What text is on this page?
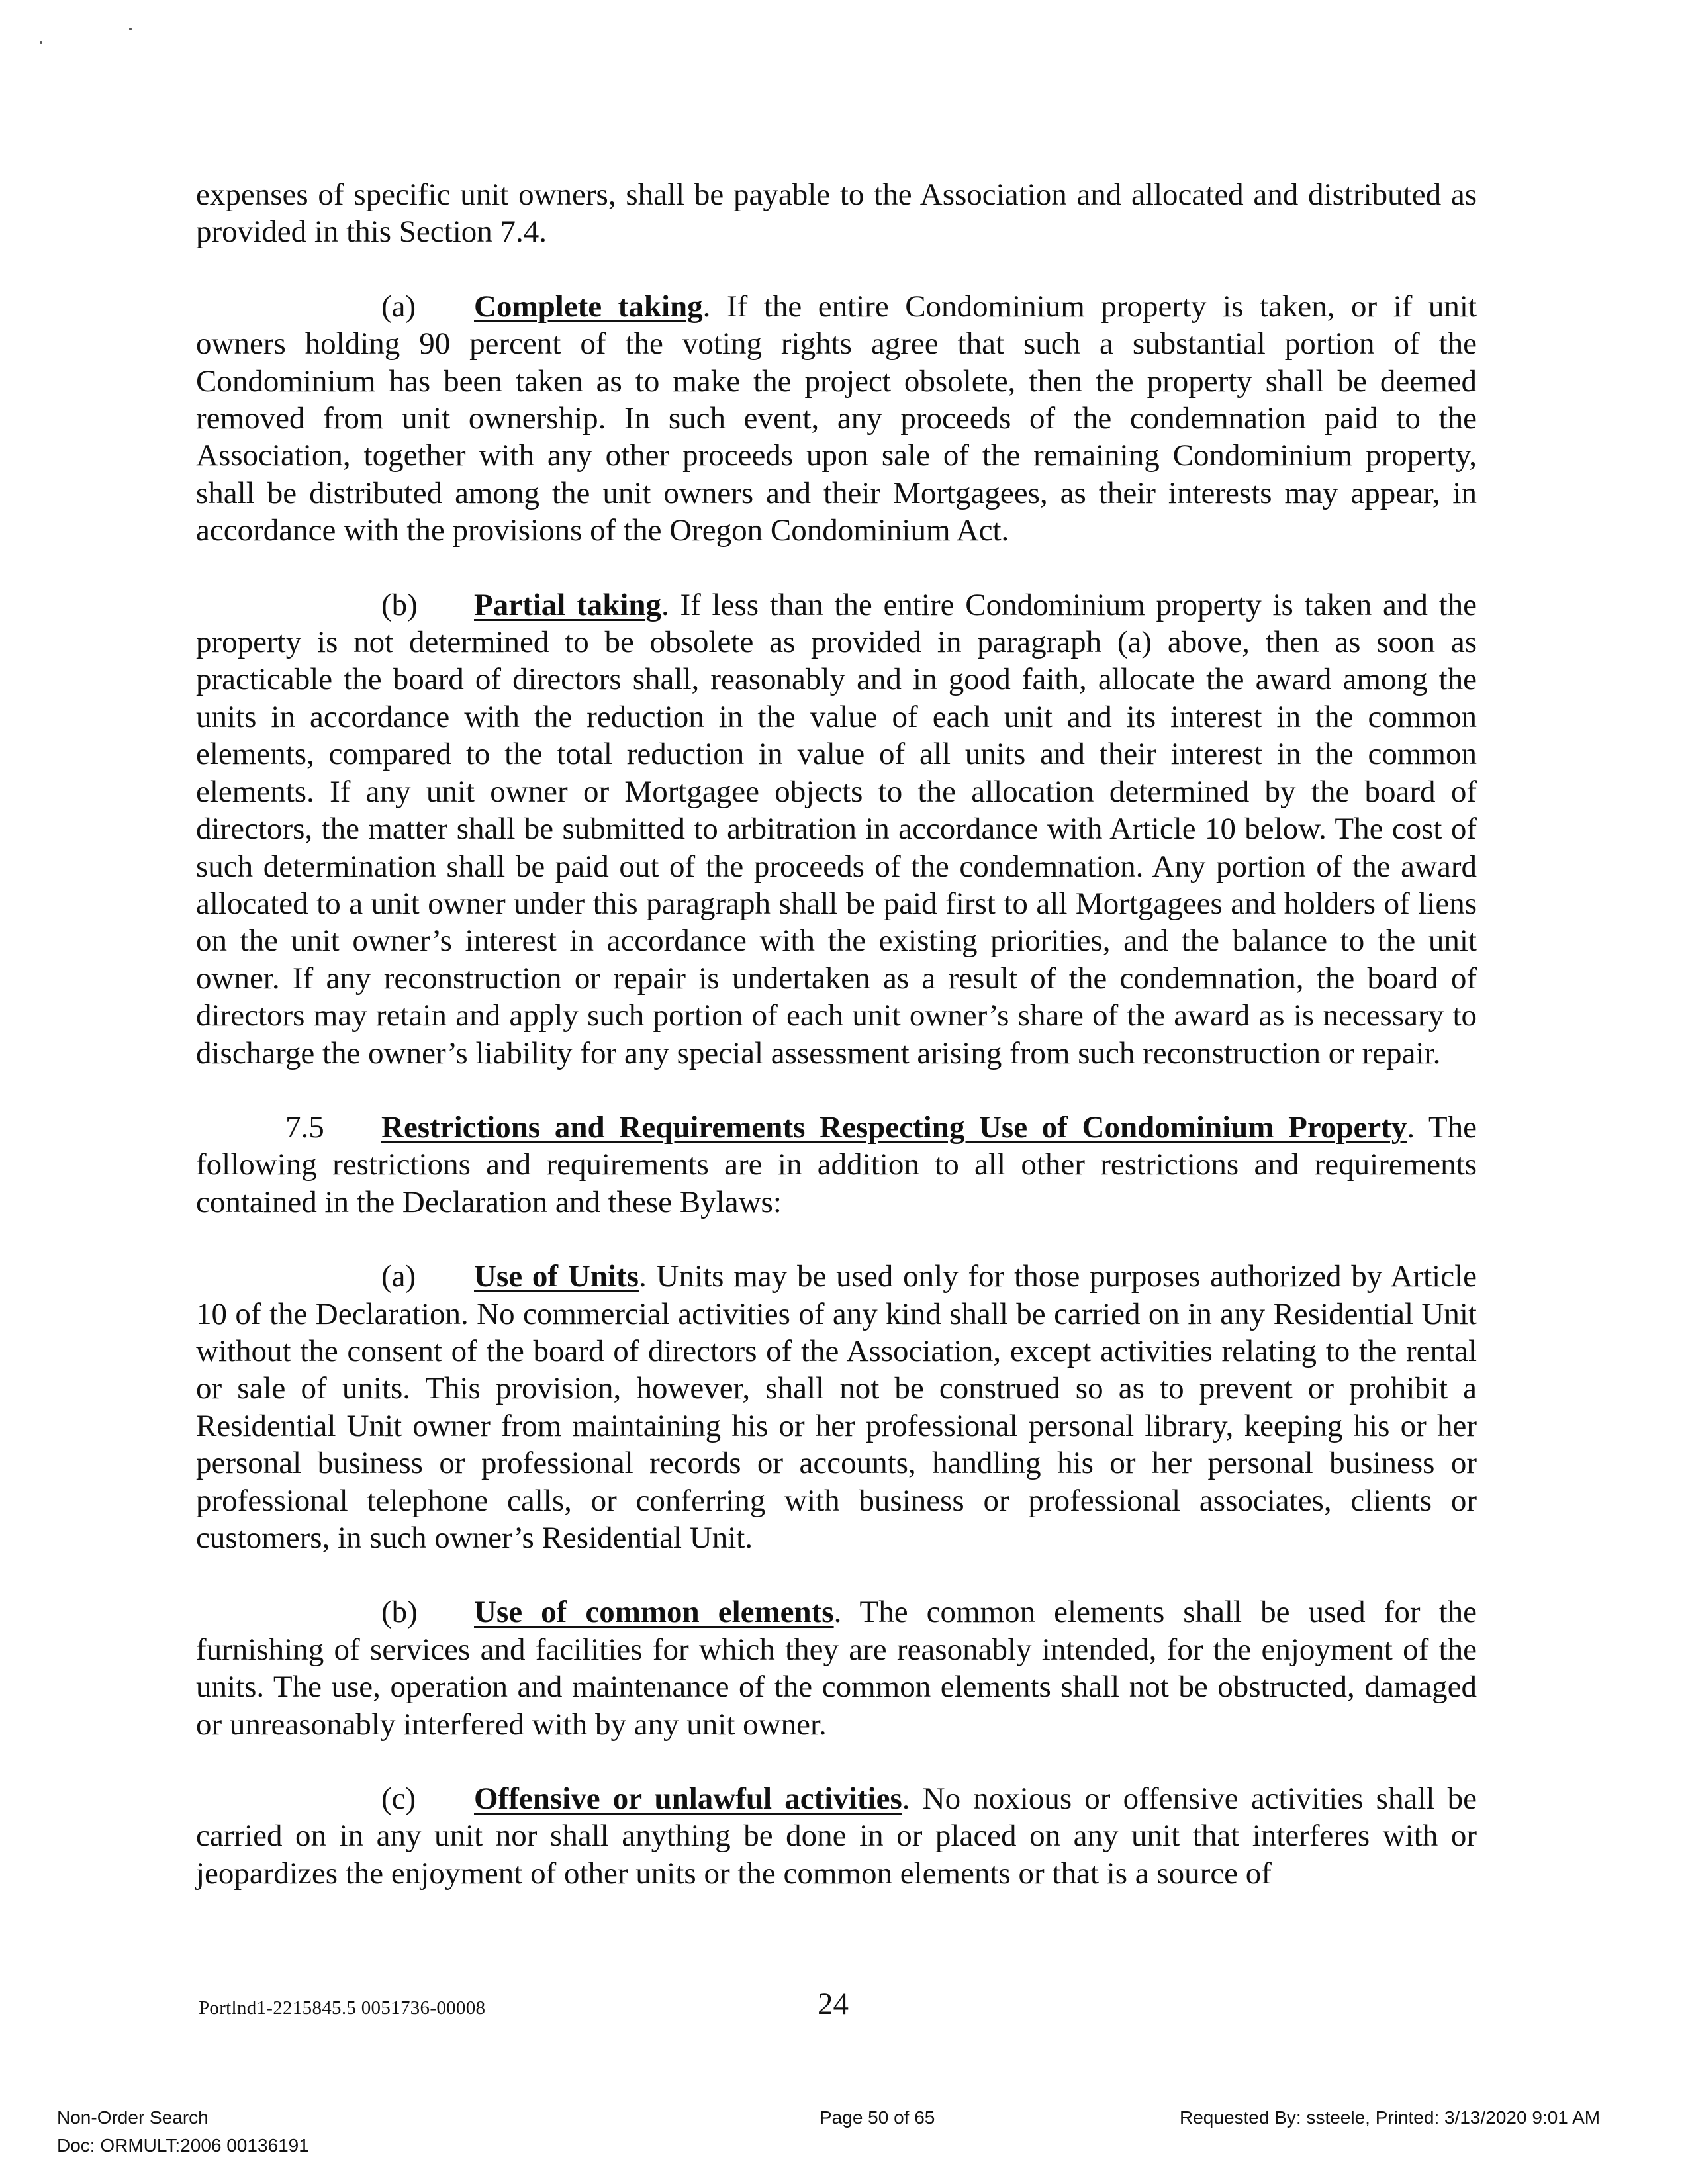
expenses of specific unit owners, shall be payable to the Association and allocated and distributed as provided in this Section 7.4.

(a) Complete taking. If the entire Condominium property is taken, or if unit owners holding 90 percent of the voting rights agree that such a substantial portion of the Condominium has been taken as to make the project obsolete, then the property shall be deemed removed from unit ownership. In such event, any proceeds of the condemnation paid to the Association, together with any other proceeds upon sale of the remaining Condominium property, shall be distributed among the unit owners and their Mortgagees, as their interests may appear, in accordance with the provisions of the Oregon Condominium Act.

(b) Partial taking. If less than the entire Condominium property is taken and the property is not determined to be obsolete as provided in paragraph (a) above, then as soon as practicable the board of directors shall, reasonably and in good faith, allocate the award among the units in accordance with the reduction in the value of each unit and its interest in the common elements, compared to the total reduction in value of all units and their interest in the common elements. If any unit owner or Mortgagee objects to the allocation determined by the board of directors, the matter shall be submitted to arbitration in accordance with Article 10 below. The cost of such determination shall be paid out of the proceeds of the condemnation. Any portion of the award allocated to a unit owner under this paragraph shall be paid first to all Mortgagees and holders of liens on the unit owner’s interest in accordance with the existing priorities, and the balance to the unit owner. If any reconstruction or repair is undertaken as a result of the condemnation, the board of directors may retain and apply such portion of each unit owner’s share of the award as is necessary to discharge the owner’s liability for any special assessment arising from such reconstruction or repair.

7.5 Restrictions and Requirements Respecting Use of Condominium Property. The following restrictions and requirements are in addition to all other restrictions and requirements contained in the Declaration and these Bylaws:

(a) Use of Units. Units may be used only for those purposes authorized by Article 10 of the Declaration. No commercial activities of any kind shall be carried on in any Residential Unit without the consent of the board of directors of the Association, except activities relating to the rental or sale of units. This provision, however, shall not be construed so as to prevent or prohibit a Residential Unit owner from maintaining his or her professional personal library, keeping his or her personal business or professional records or accounts, handling his or her personal business or professional telephone calls, or conferring with business or professional associates, clients or customers, in such owner’s Residential Unit.

(b) Use of common elements. The common elements shall be used for the furnishing of services and facilities for which they are reasonably intended, for the enjoyment of the units. The use, operation and maintenance of the common elements shall not be obstructed, damaged or unreasonably interfered with by any unit owner.

(c) Offensive or unlawful activities. No noxious or offensive activities shall be carried on in any unit nor shall anything be done in or placed on any unit that interferes with or jeopardizes the enjoyment of other units or the common elements or that is a source of

Portlnd1-2215845.5 0051736-00008	24
Non-Order Search
Doc: ORMULT:2006 00136191
Page 50 of 65	Requested By: ssteele, Printed: 3/13/2020 9:01 AM
